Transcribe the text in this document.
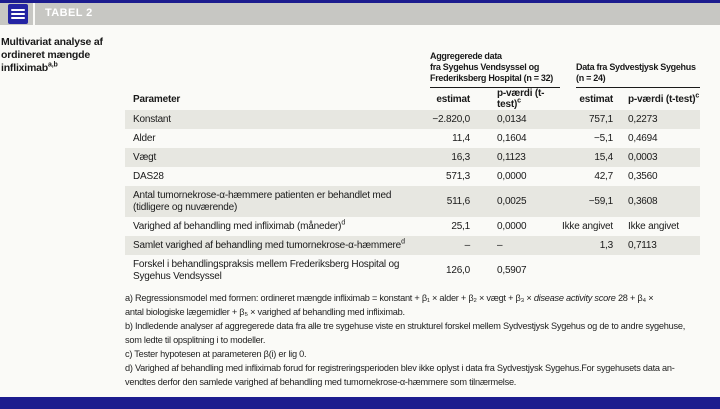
TABEL 2
Multivariat analyse af ordineret mængde infliximab$^{a,b}$

Aggregerede data
fra Sygehus Vendsyssel og
Frederiksberg Hospital (n = 32)

Data fra Sydvestjysk Sygehus
(n = 24)

Parameter	estimat	p-værdi (t-test)$^c$	estimat	p-værdi (t-test)$^c$
Konstant	−2.820,0	0,0134	757,1	0,2273
Alder	11,4	0,1604	−5,1	0,4694
Vægt	16,3	0,1123	15,4	0,0003
DAS28	571,3	0,0000	42,7	0,3560
Antal tumornekrose-α-hæmmere patienten er behandlet med
(tidligere og nuværende)	511,6	0,0025	−59,1	0,3608
Varighed af behandling med infliximab (måneder)$^d$	25,1	0,0000	Ikke angivet	Ikke angivet
Samlet varighed af behandling med tumornekrose-α-hæmmere$^d$	–	–	1,3	0,7113
Forskel i behandlingspraksis mellem Frederiksberg Hospital og
Sygehus Vendsyssel	126,0	0,5907		
a) Regressionsmodel med formen: ordineret mængde infliximab = konstant + β₁ × alder + β₂ × vægt + β₃ × disease activity score 28 + β₄ ×
antal biologiske lægemidler + β₅ × varighed af behandling med infliximab.
b) Indledende analyser af aggregerede data fra alle tre sygehuse viste en strukturel forskel mellem Sydvestjysk Sygehus og de to andre sygehuse,
som ledte til opsplitning i to modeller.
c) Tester hypotesen at parameteren β(i) er lig 0.
d) Varighed af behandling med infliximab forud for registreringsperioden blev ikke oplyst i data fra Sydvestjysk Sygehus.For sygehusets data an-
vendtes derfor den samlede varighed af behandling med tumornekrose-α-hæmmere som tilnærmelse.
